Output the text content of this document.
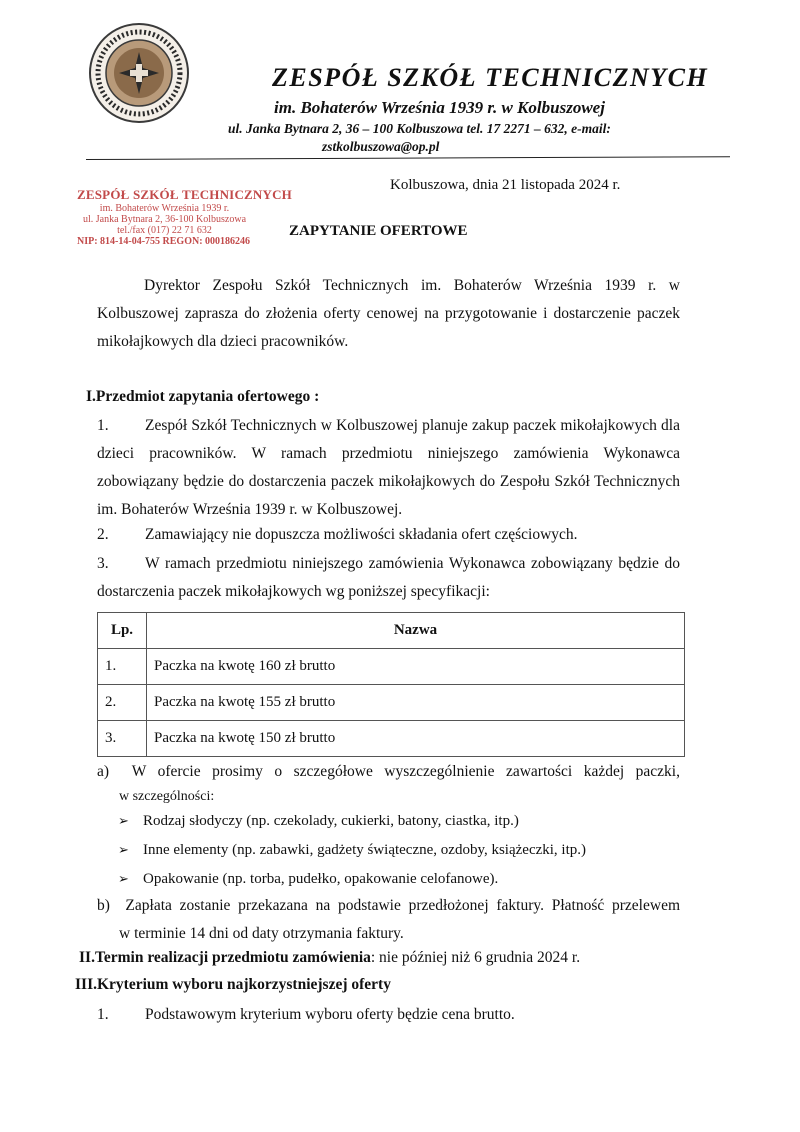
ZESPÓŁ SZKÓŁ TECHNICZNYCH
im. Bohaterów Września 1939 r. w Kolbuszowej
ul. Janka Bytnara 2, 36 – 100 Kolbuszowa tel. 17 2271 – 632, e-mail:
zstkolbuszowa@op.pl
ZESPÓŁ SZKÓŁ TECHNICZNYCH
im. Bohaterów Września 1939 r.
ul. Janka Bytnara 2, 36-100 Kolbuszowa
tel./fax (017) 22 71 632
NIP: 814-14-04-755 REGON: 000186246
Kolbuszowa, dnia 21 listopada 2024 r.
ZAPYTANIE OFERTOWE
Dyrektor Zespołu Szkół Technicznych im. Bohaterów Września 1939 r. w Kolbuszowej zaprasza do złożenia oferty cenowej na przygotowanie i dostarczenie paczek mikołajkowych dla dzieci pracowników.
I.Przedmiot zapytania ofertowego :
1. Zespół Szkół Technicznych w Kolbuszowej planuje zakup paczek mikołajkowych dla dzieci pracowników. W ramach przedmiotu niniejszego zamówienia Wykonawca zobowiązany będzie do dostarczenia paczek mikołajkowych do Zespołu Szkół Technicznych im. Bohaterów Września 1939 r. w Kolbuszowej.
2. Zamawiający nie dopuszcza możliwości składania ofert częściowych.
3. W ramach przedmiotu niniejszego zamówienia Wykonawca zobowiązany będzie do dostarczenia paczek mikołajkowych wg poniższej specyfikacji:
Lp.	Nazwa
1.	Paczka na kwotę 160 zł brutto
2.	Paczka na kwotę 155 zł brutto
3.	Paczka na kwotę 150 zł brutto
a) W ofercie prosimy o szczegółowe wyszczególnienie zawartości każdej paczki,
w szczególności:
➢ Rodzaj słodyczy (np. czekolady, cukierki, batony, ciastka, itp.)
➢ Inne elementy (np. zabawki, gadżety świąteczne, ozdoby, książeczki, itp.)
➢ Opakowanie (np. torba, pudełko, opakowanie celofanowe).
b) Zapłata zostanie przekazana na podstawie przedłożonej faktury. Płatność przelewem
w terminie 14 dni od daty otrzymania faktury.
II.Termin realizacji przedmiotu zamówienia: nie później niż 6 grudnia 2024 r.
III.Kryterium wyboru najkorzystniejszej oferty
1. Podstawowym kryterium wyboru oferty będzie cena brutto.
